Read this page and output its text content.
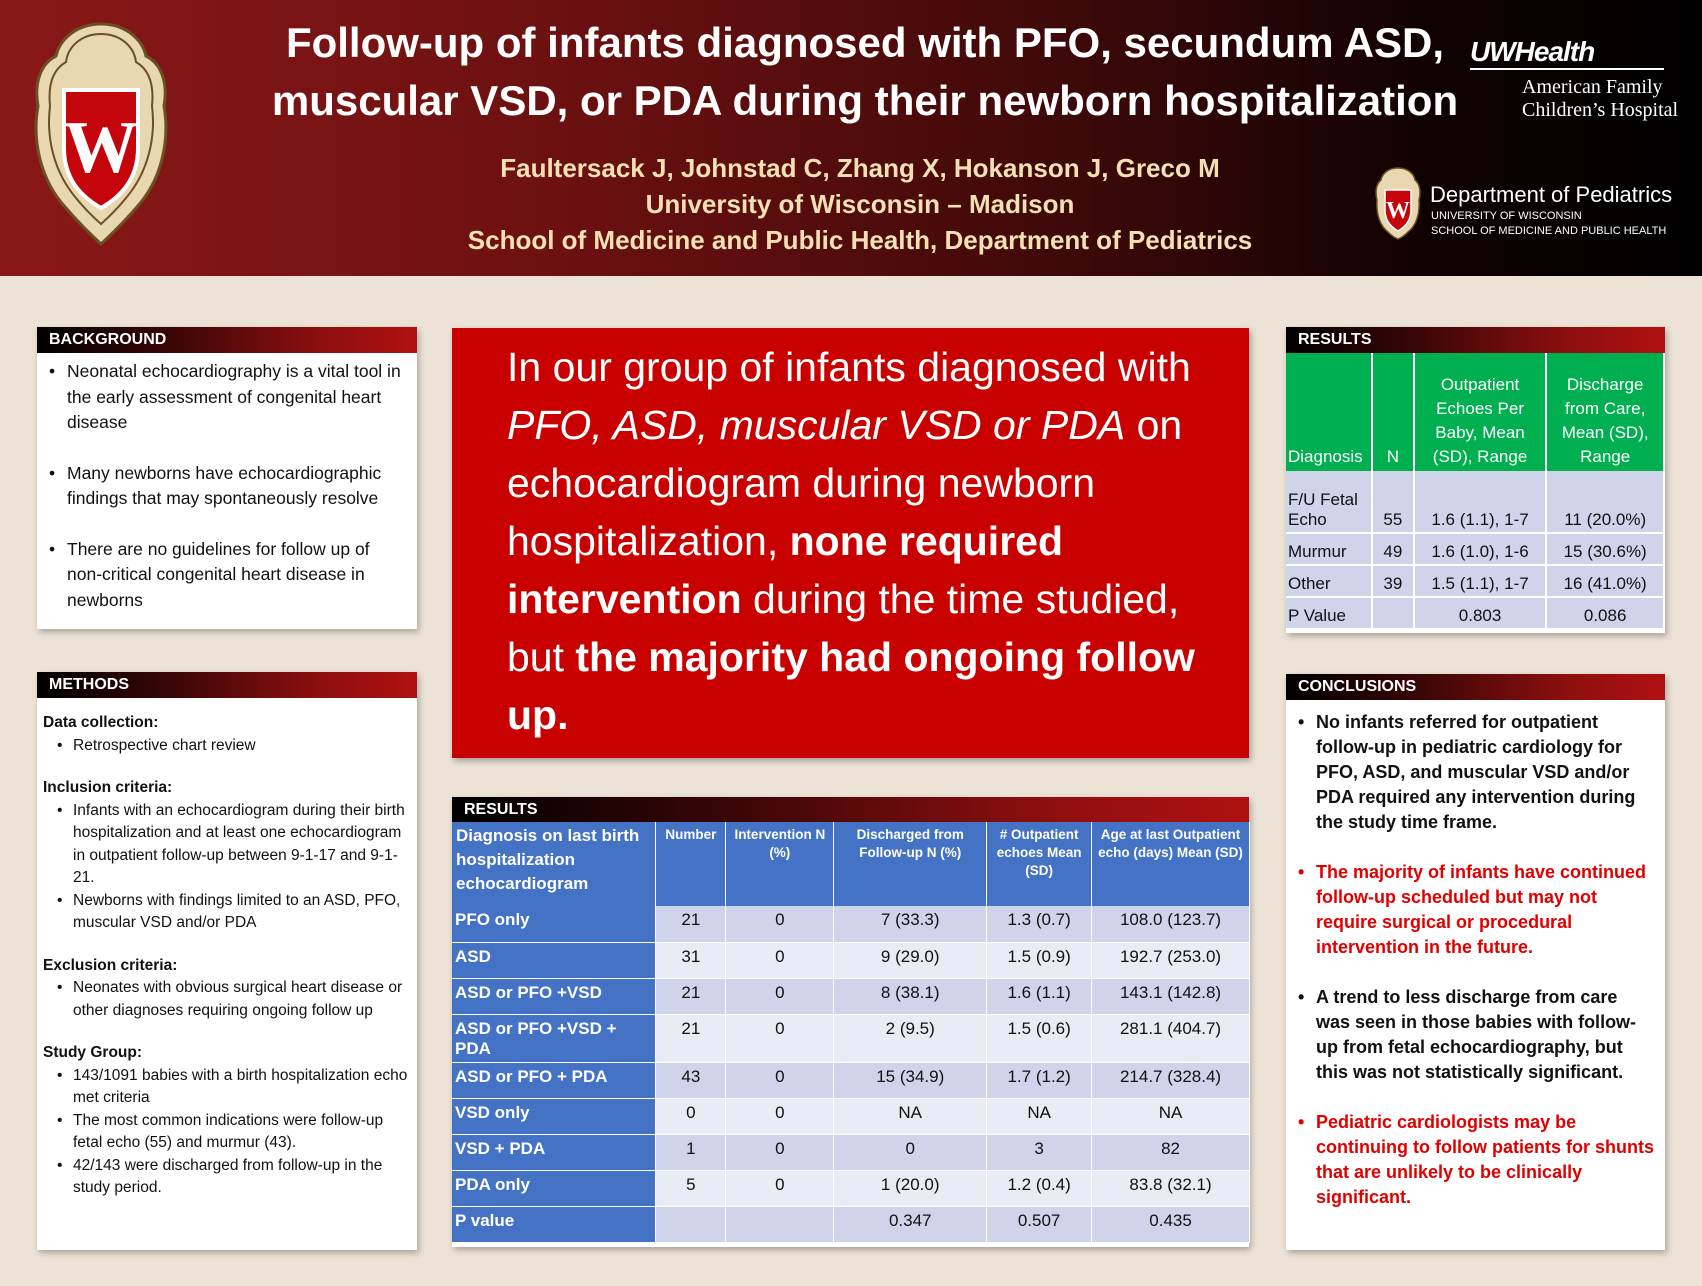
W
Follow-up of infants diagnosed with PFO, secundum ASD,
muscular VSD, or PDA during their newborn hospitalization
Faultersack J, Johnstad C, Zhang X, Hokanson J, Greco M
University of Wisconsin – Madison
School of Medicine and Public Health, Department of Pediatrics
UWHealth
American Family
Children’s Hospital
W
Department of Pediatrics
UNIVERSITY OF WISCONSIN
SCHOOL OF MEDICINE AND PUBLIC HEALTH
BACKGROUND
• Neonatal echocardiography is a vital tool in the early assessment of congenital heart disease
• Many newborns have echocardiographic findings that may spontaneously resolve
• There are no guidelines for follow up of non-critical congenital heart disease in newborns
METHODS
Data collection:
• Retrospective chart review
Inclusion criteria:
• Infants with an echocardiogram during their birth hospitalization and at least one echocardiogram in outpatient follow-up between 9-1-17 and 9-1-21.
• Newborns with findings limited to an ASD, PFO, muscular VSD and/or PDA
Exclusion criteria:
• Neonates with obvious surgical heart disease or other diagnoses requiring ongoing follow up
Study Group:
• 143/1091 babies with a birth hospitalization echo met criteria
• The most common indications were follow-up fetal echo (55) and murmur (43).
• 42/143 were discharged from follow-up in the study period.
In our group of infants diagnosed with PFO, ASD, muscular VSD or PDA on echocardiogram during newborn hospitalization, none required intervention during the time studied, but the majority had ongoing follow up.
RESULTS
Diagnosis on last birth hospitalization echocardiogram	Number	Intervention N (%)	Discharged from Follow-up N (%)	# Outpatient echoes Mean (SD)	Age at last Outpatient echo (days) Mean (SD)
PFO only	21	0	7 (33.3)	1.3 (0.7)	108.0 (123.7)
ASD	31	0	9 (29.0)	1.5 (0.9)	192.7 (253.0)
ASD or PFO +VSD	21	0	8 (38.1)	1.6 (1.1)	143.1 (142.8)
ASD or PFO +VSD + PDA	21	0	2 (9.5)	1.5 (0.6)	281.1 (404.7)
ASD or PFO + PDA	43	0	15 (34.9)	1.7 (1.2)	214.7 (328.4)
VSD only	0	0	NA	NA	NA
VSD + PDA	1	0	0	3	82
PDA only	5	0	1 (20.0)	1.2 (0.4)	83.8 (32.1)
P value			0.347	0.507	0.435
RESULTS
Diagnosis	N	Outpatient Echoes Per Baby, Mean (SD), Range	Discharge from Care, Mean (SD), Range
F/U Fetal Echo	55	1.6 (1.1), 1-7	11 (20.0%)
Murmur	49	1.6 (1.0), 1-6	15 (30.6%)
Other	39	1.5 (1.1), 1-7	16 (41.0%)
P Value		0.803	0.086
CONCLUSIONS
• No infants referred for outpatient follow-up in pediatric cardiology for PFO, ASD, and muscular VSD and/or PDA required any intervention during the study time frame.
• The majority of infants have continued follow-up scheduled but may not require surgical or procedural intervention in the future.
• A trend to less discharge from care was seen in those babies with follow-up from fetal echocardiography, but this was not statistically significant.
• Pediatric cardiologists may be continuing to follow patients for shunts that are unlikely to be clinically significant.
